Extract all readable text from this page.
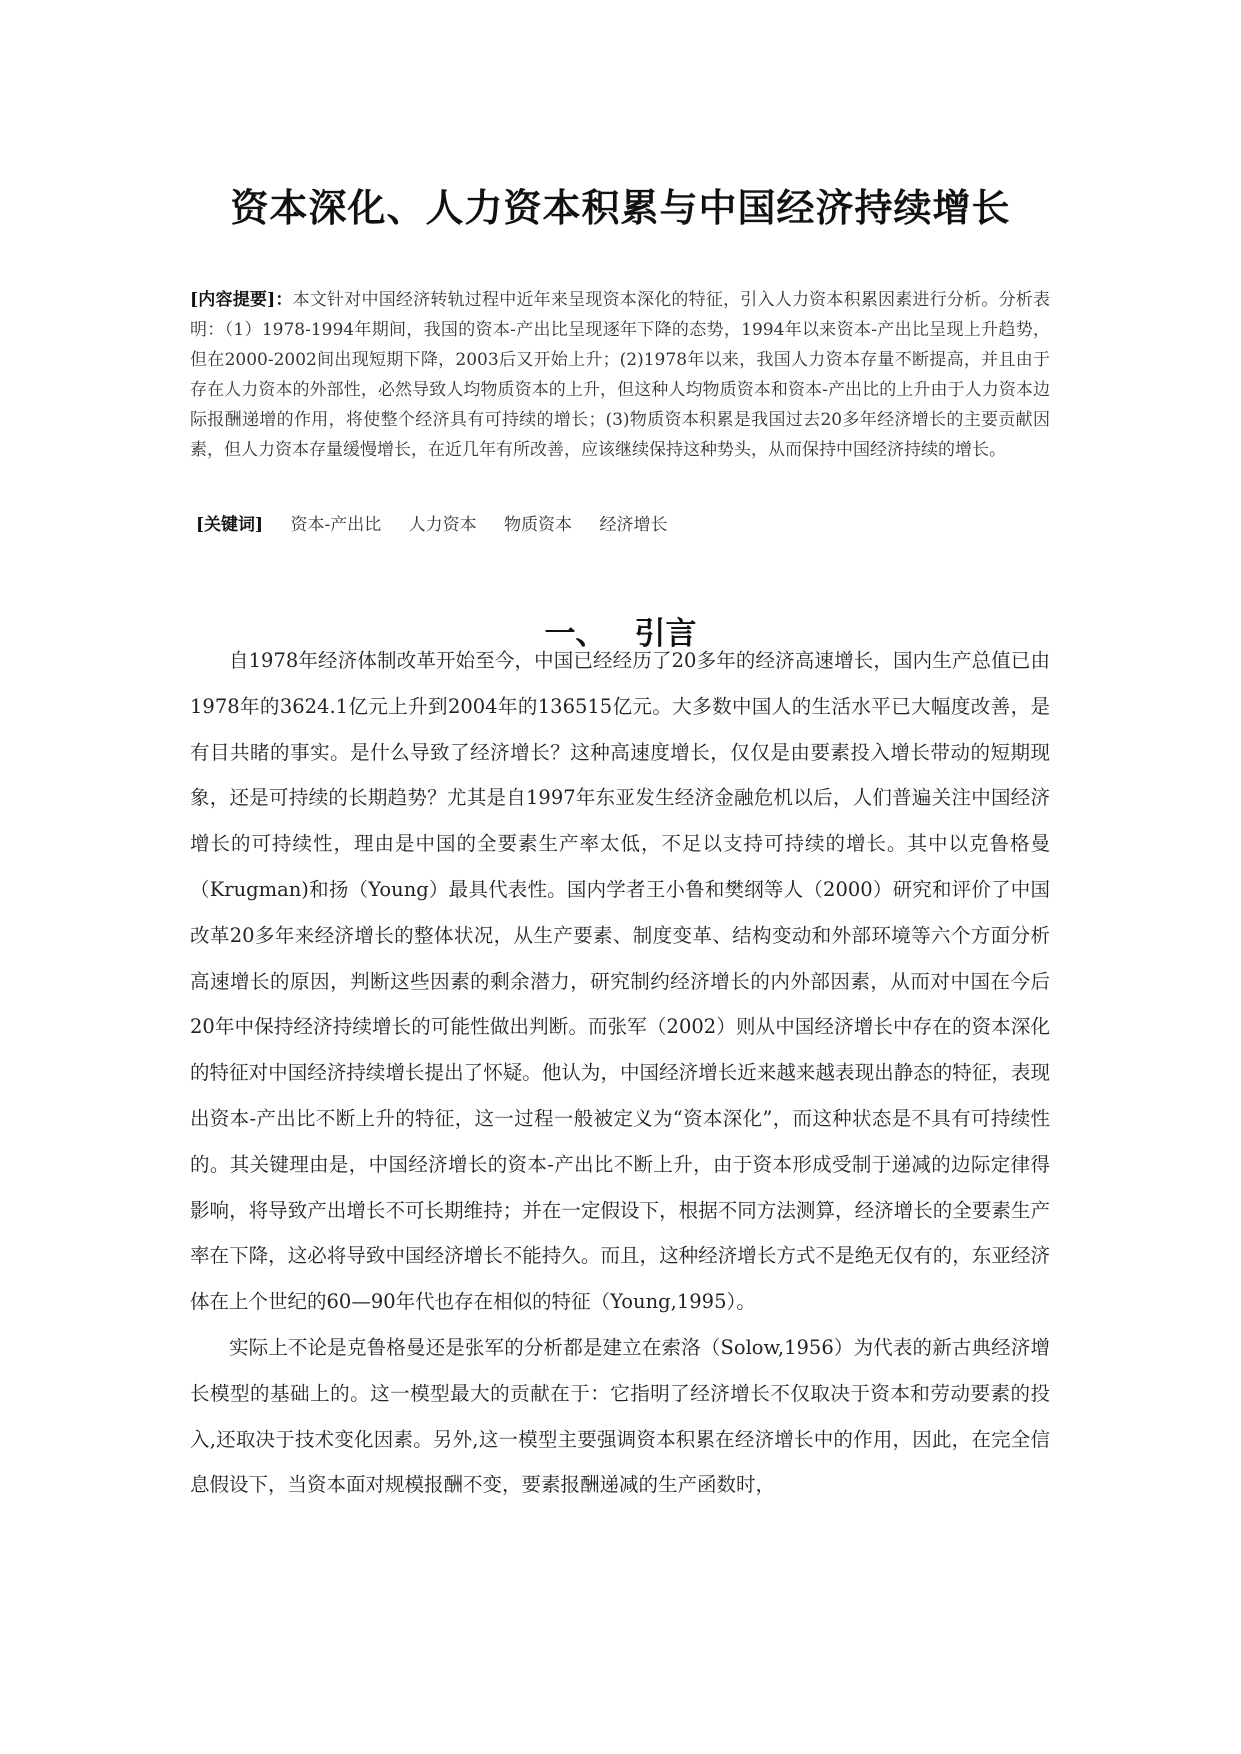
资本深化、人力资本积累与中国经济持续增长
[内容提要]：本文针对中国经济转轨过程中近年来呈现资本深化的特征，引入人力资本积累因素进行分析。分析表明：（1）1978-1994年期间，我国的资本-产出比呈现逐年下降的态势，1994年以来资本-产出比呈现上升趋势，但在2000-2002间出现短期下降，2003后又开始上升；(2)1978年以来，我国人力资本存量不断提高，并且由于存在人力资本的外部性，必然导致人均物质资本的上升，但这种人均物质资本和资本-产出比的上升由于人力资本边际报酬递增的作用，将使整个经济具有可持续的增长；(3)物质资本积累是我国过去20多年经济增长的主要贡献因素，但人力资本存量缓慢增长，在近几年有所改善，应该继续保持这种势头，从而保持中国经济持续的增长。
[关键词] 资本-产出比 人力资本 物质资本 经济增长
一、 引言

自1978年经济体制改革开始至今，中国已经经历了20多年的经济高速增长，国内生产总值已由1978年的3624.1亿元上升到2004年的136515亿元。大多数中国人的生活水平已大幅度改善，是有目共睹的事实。是什么导致了经济增长？这种高速度增长，仅仅是由要素投入增长带动的短期现象，还是可持续的长期趋势？尤其是自1997年东亚发生经济金融危机以后，人们普遍关注中国经济增长的可持续性，理由是中国的全要素生产率太低，不足以支持可持续的增长。其中以克鲁格曼（Krugman)和扬（Young）最具代表性。国内学者王小鲁和樊纲等人（2000）研究和评价了中国改革20多年来经济增长的整体状况，从生产要素、制度变革、结构变动和外部环境等六个方面分析高速增长的原因，判断这些因素的剩余潜力，研究制约经济增长的内外部因素，从而对中国在今后20年中保持经济持续增长的可能性做出判断。而张军（2002）则从中国经济增长中存在的资本深化的特征对中国经济持续增长提出了怀疑。他认为，中国经济增长近来越来越表现出静态的特征，表现出资本-产出比不断上升的特征，这一过程一般被定义为“资本深化”，而这种状态是不具有可持续性的。其关键理由是，中国经济增长的资本-产出比不断上升，由于资本形成受制于递减的边际定律得影响，将导致产出增长不可长期维持；并在一定假设下，根据不同方法测算，经济增长的全要素生产率在下降，这必将导致中国经济增长不能持久。而且，这种经济增长方式不是绝无仅有的，东亚经济体在上个世纪的60—90年代也存在相似的特征（Young,1995）。

实际上不论是克鲁格曼还是张军的分析都是建立在索洛（Solow,1956）为代表的新古典经济增长模型的基础上的。这一模型最大的贡献在于：它指明了经济增长不仅取决于资本和劳动要素的投入,还取决于技术变化因素。另外,这一模型主要强调资本积累在经济增长中的作用，因此，在完全信息假设下，当资本面对规模报酬不变，要素报酬递减的生产函数时，
